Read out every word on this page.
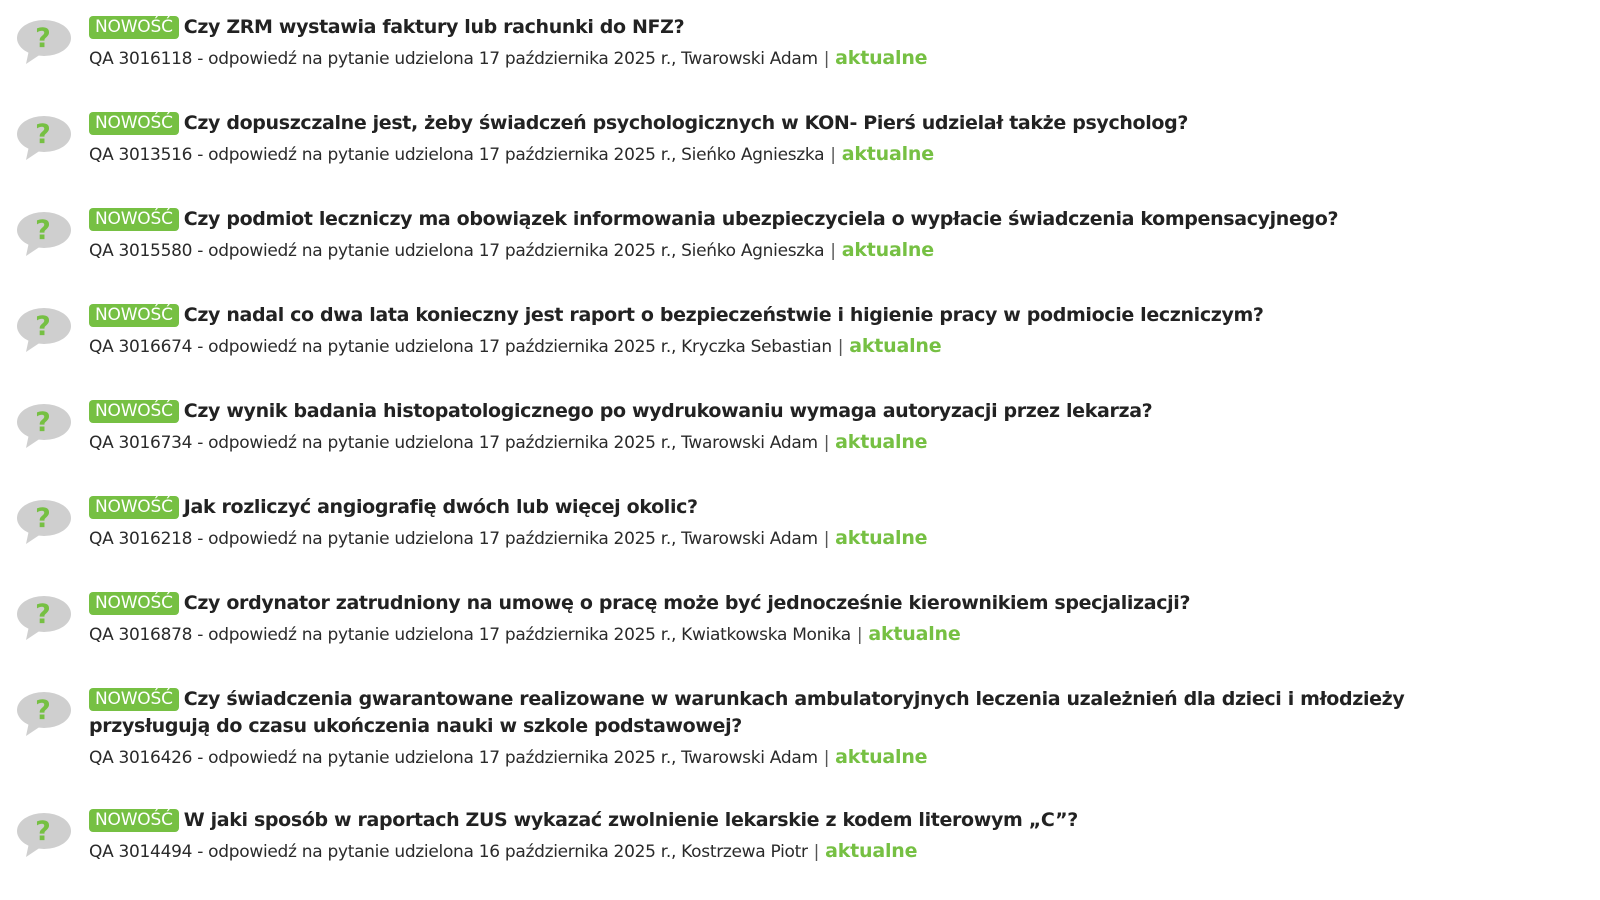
?	NOWOŚĆ Czy ZRM wystawia faktury lub rachunki do NFZ?

QA 3016118 - odpowiedź na pytanie udzielona 17 października 2025 r., Twarowski Adam | aktualne
?	NOWOŚĆ Czy dopuszczalne jest, żeby świadczeń psychologicznych w KON- Pierś udzielał także psycholog?

QA 3013516 - odpowiedź na pytanie udzielona 17 października 2025 r., Sieńko Agnieszka | aktualne
?	NOWOŚĆ Czy podmiot leczniczy ma obowiązek informowania ubezpieczyciela o wypłacie świadczenia kompensacyjnego?

QA 3015580 - odpowiedź na pytanie udzielona 17 października 2025 r., Sieńko Agnieszka | aktualne
?	NOWOŚĆ Czy nadal co dwa lata konieczny jest raport o bezpieczeństwie i higienie pracy w podmiocie leczniczym?

QA 3016674 - odpowiedź na pytanie udzielona 17 października 2025 r., Kryczka Sebastian | aktualne
?	NOWOŚĆ Czy wynik badania histopatologicznego po wydrukowaniu wymaga autoryzacji przez lekarza?

QA 3016734 - odpowiedź na pytanie udzielona 17 października 2025 r., Twarowski Adam | aktualne
?	NOWOŚĆ Jak rozliczyć angiografię dwóch lub więcej okolic?

QA 3016218 - odpowiedź na pytanie udzielona 17 października 2025 r., Twarowski Adam | aktualne
?	NOWOŚĆ Czy ordynator zatrudniony na umowę o pracę może być jednocześnie kierownikiem specjalizacji?

QA 3016878 - odpowiedź na pytanie udzielona 17 października 2025 r., Kwiatkowska Monika | aktualne
?	NOWOŚĆ Czy świadczenia gwarantowane realizowane w warunkach ambulatoryjnych leczenia uzależnień dla dzieci i młodzieży przysługują do czasu ukończenia nauki w szkole podstawowej?

QA 3016426 - odpowiedź na pytanie udzielona 17 października 2025 r., Twarowski Adam | aktualne
?	NOWOŚĆ W jaki sposób w raportach ZUS wykazać zwolnienie lekarskie z kodem literowym „C”?

QA 3014494 - odpowiedź na pytanie udzielona 16 października 2025 r., Kostrzewa Piotr | aktualne
